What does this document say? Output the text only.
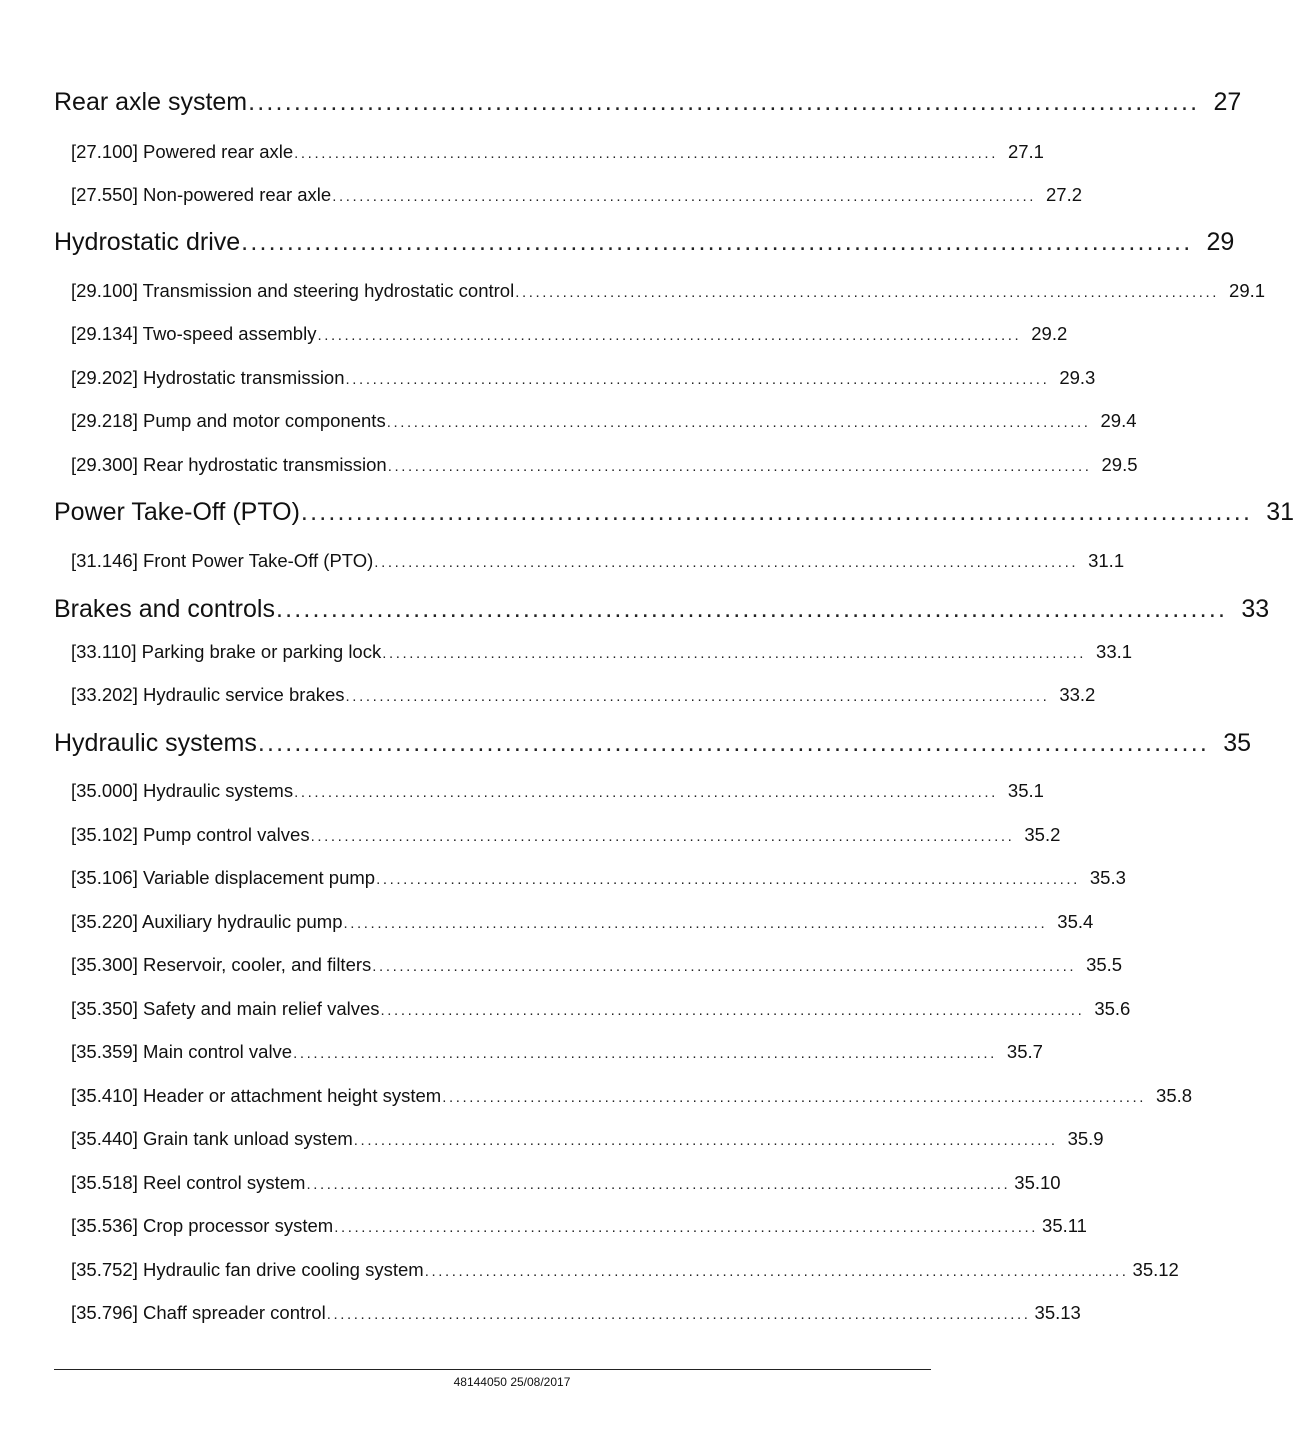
Rear axle system ........................................................................................................ 27
[27.100] Powered rear axle ........................................................................................................ 27.1
[27.550] Non-powered rear axle ........................................................................................................ 27.2
Hydrostatic drive ........................................................................................................ 29
[29.100] Transmission and steering hydrostatic control ........................................................................................................ 29.1
[29.134] Two-speed assembly ........................................................................................................ 29.2
[29.202] Hydrostatic transmission ........................................................................................................ 29.3
[29.218] Pump and motor components ........................................................................................................ 29.4
[29.300] Rear hydrostatic transmission ........................................................................................................ 29.5
Power Take-Off (PTO) ........................................................................................................ 31
[31.146] Front Power Take-Off (PTO) ........................................................................................................ 31.1
Brakes and controls ........................................................................................................ 33
[33.110] Parking brake or parking lock ........................................................................................................ 33.1
[33.202] Hydraulic service brakes ........................................................................................................ 33.2
Hydraulic systems ........................................................................................................ 35
[35.000] Hydraulic systems ........................................................................................................ 35.1
[35.102] Pump control valves ........................................................................................................ 35.2
[35.106] Variable displacement pump ........................................................................................................ 35.3
[35.220] Auxiliary hydraulic pump ........................................................................................................ 35.4
[35.300] Reservoir, cooler, and filters ........................................................................................................ 35.5
[35.350] Safety and main relief valves ........................................................................................................ 35.6
[35.359] Main control valve ........................................................................................................ 35.7
[35.410] Header or attachment height system ........................................................................................................ 35.8
[35.440] Grain tank unload system ........................................................................................................ 35.9
[35.518] Reel control system ........................................................................................................ 35.10
[35.536] Crop processor system ........................................................................................................ 35.11
[35.752] Hydraulic fan drive cooling system ........................................................................................................ 35.12
[35.796] Chaff spreader control ........................................................................................................ 35.13
48144050 25/08/2017
